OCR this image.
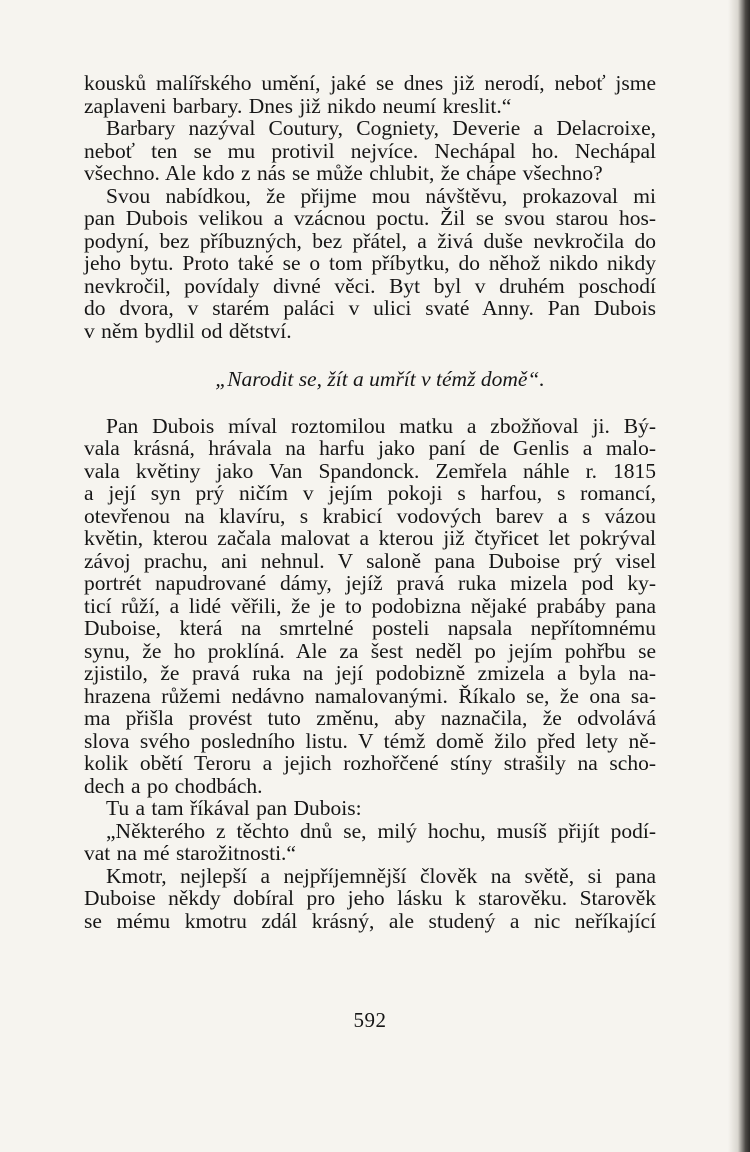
kousků malířského umění, jaké se dnes již nerodí, neboť jsme
zaplaveni barbary. Dnes již nikdo neumí kreslit.“
Barbary nazýval Coutury, Cogniety, Deverie a Delacroixe,
neboť ten se mu protivil nejvíce. Nechápal ho. Nechápal
všechno. Ale kdo z nás se může chlubit, že chápe všechno?
Svou nabídkou, že přijme mou návštěvu, prokazoval mi
pan Dubois velikou a vzácnou poctu. Žil se svou starou hos-
podyní, bez příbuzných, bez přátel, a živá duše nevkročila do
jeho bytu. Proto také se o tom příbytku, do něhož nikdo nikdy
nevkročil, povídaly divné věci. Byt byl v druhém poschodí
do dvora, v starém paláci v ulici svaté Anny. Pan Dubois
v něm bydlil od dětství.
„Narodit se, žít a umřít v témž domě“.
Pan Dubois míval roztomilou matku a zbožňoval ji. Bý-
vala krásná, hrávala na harfu jako paní de Genlis a malo-
vala květiny jako Van Spandonck. Zemřela náhle r. 1815
a její syn prý ničím v jejím pokoji s harfou, s romancí,
otevřenou na klavíru, s krabicí vodových barev a s vázou
květin, kterou začala malovat a kterou již čtyřicet let pokrýval
závoj prachu, ani nehnul. V saloně pana Duboise prý visel
portrét napudrované dámy, jejíž pravá ruka mizela pod ky-
ticí růží, a lidé věřili, že je to podobizna nějaké prabáby pana
Duboise, která na smrtelné posteli napsala nepřítomnému
synu, že ho proklíná. Ale za šest neděl po jejím pohřbu se
zjistilo, že pravá ruka na její podobizně zmizela a byla na-
hrazena růžemi nedávno namalovanými. Říkalo se, že ona sa-
ma přišla provést tuto změnu, aby naznačila, že odvolává
slova svého posledního listu. V témž domě žilo před lety ně-
kolik obětí Teroru a jejich rozhořčené stíny strašily na scho-
dech a po chodbách.
Tu a tam říkával pan Dubois:
„Některého z těchto dnů se, milý hochu, musíš přijít podí-
vat na mé starožitnosti.“
Kmotr, nejlepší a nejpříjemnější člověk na světě, si pana
Duboise někdy dobíral pro jeho lásku k starověku. Starověk
se mému kmotru zdál krásný, ale studený a nic neříkající
592
